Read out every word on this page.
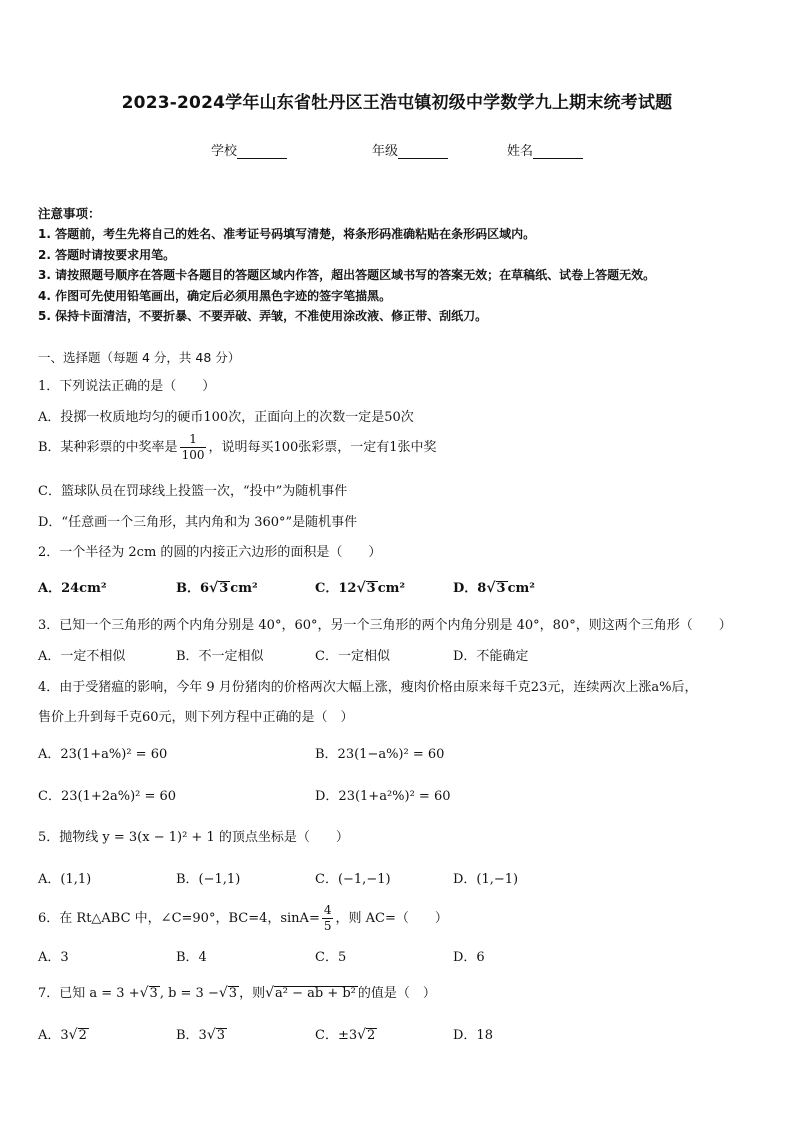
2023-2024学年山东省牡丹区王浩屯镇初级中学数学九上期末统考试题
学校	年级	姓名
注意事项：
1. 答题前，考生先将自己的姓名、准考证号码填写清楚，将条形码准确粘贴在条形码区域内。
2. 答题时请按要求用笔。
3. 请按照题号顺序在答题卡各题目的答题区域内作答，超出答题区域书写的答案无效；在草稿纸、试卷上答题无效。
4. 作图可先使用铅笔画出，确定后必须用黑色字迹的签字笔描黑。
5. 保持卡面清洁，不要折暴、不要弄破、弄皱，不准使用涂改液、修正带、刮纸刀。
一、选择题（每题 4 分，共 48 分）
1．下列说法正确的是（　　）
A．投掷一枚质地均匀的硬币100次，正面向上的次数一定是50次
B．某种彩票的中奖率是 $\frac{1}{100}$ ，说明每买100张彩票，一定有1张中奖
C．篮球队员在罚球线上投篮一次，“投中”为随机事件
D．“任意画一个三角形，其内角和为 360°”是随机事件
2．一个半径为 2cm 的圆的内接正六边形的面积是（　　）
A．24cm²	B．6√3 cm²	C．12√3 cm²	D．8√3 cm²
3．已知一个三角形的两个内角分别是 40°，60°，另一个三角形的两个内角分别是 40°，80°，则这两个三角形（　　）
A．一定不相似	B．不一定相似	C．一定相似	D．不能确定
4．由于受猪瘟的影响，今年 9 月份猪肉的价格两次大幅上涨，瘦肉价格由原来每千克23元，连续两次上涨a%后，
售价上升到每千克60元，则下列方程中正确的是（　）
A．23(1+a%)² = 60	B．23(1−a%)² = 60
C．23(1+2a%)² = 60	D．23(1+a²%)² = 60
5．抛物线 y = 3(x − 1)² + 1 的顶点坐标是（　　）
A．(1,1)	B．(−1,1)	C．(−1,−1)	D．(1,−1)
6．在 Rt△ABC 中，∠C=90°，BC=4，$\sin A= \frac{4}{5}$ ，则 AC=（　　）
A．3	B．4	C．5	D．6
7．已知 a = 3 +√3 , b = 3 −√3 ，则√a² − ab + b² 的值是（　）
A．3√2	B．3√3	C．±3√2	D．18
